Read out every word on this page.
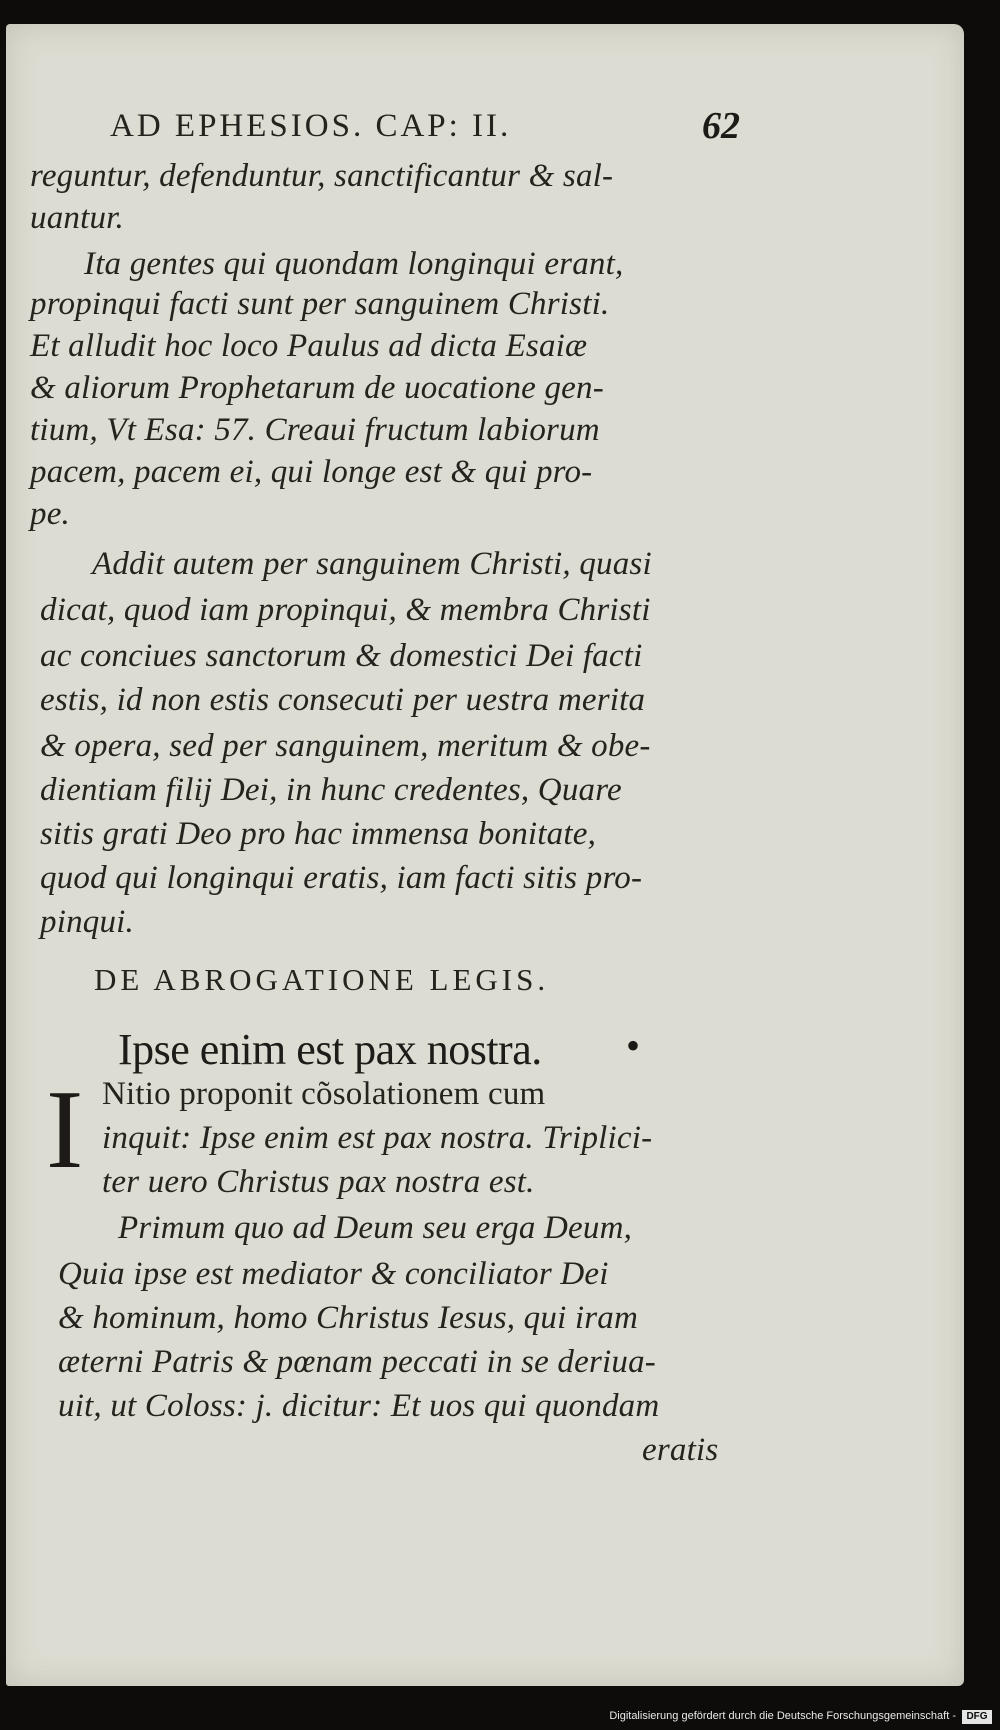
AD EPHESIOS. CAP: II.	62
reguntur, defenduntur, sanctificantur & sal-
uantur.
Ita gentes qui quondam longinqui erant,
propinqui facti sunt per sanguinem Christi.
Et alludit hoc loco Paulus ad dicta Esaiæ
& aliorum Prophetarum de uocatione gen-
tium, Vt Esa: 57. Creaui fructum labiorum
pacem, pacem ei, qui longe est & qui pro-
pe.
Addit autem per sanguinem Christi, quasi
dicat, quod iam propinqui, & membra Christi
ac conciues sanctorum & domestici Dei facti
estis, id non estis consecuti per uestra merita
& opera, sed per sanguinem, meritum & obe-
dientiam filij Dei, in hunc credentes, Quare
sitis grati Deo pro hac immensa bonitate,
quod qui longinqui eratis, iam facti sitis pro-
pinqui.
DE ABROGATIONE LEGIS.
Ipse enim est pax nostra. •
I Nitio proponit cõsolationem cum
inquit: Ipse enim est pax nostra. Triplici-
ter uero Christus pax nostra est.
Primum quo ad Deum seu erga Deum,
Quia ipse est mediator & conciliator Dei
& hominum, homo Christus Iesus, qui iram
æterni Patris & pœnam peccati in se deriua-
uit, ut Coloss: j. dicitur: Et uos qui quondam
eratis
Digitalisierung gefördert durch die Deutsche Forschungsgemeinschaft -	DFG
